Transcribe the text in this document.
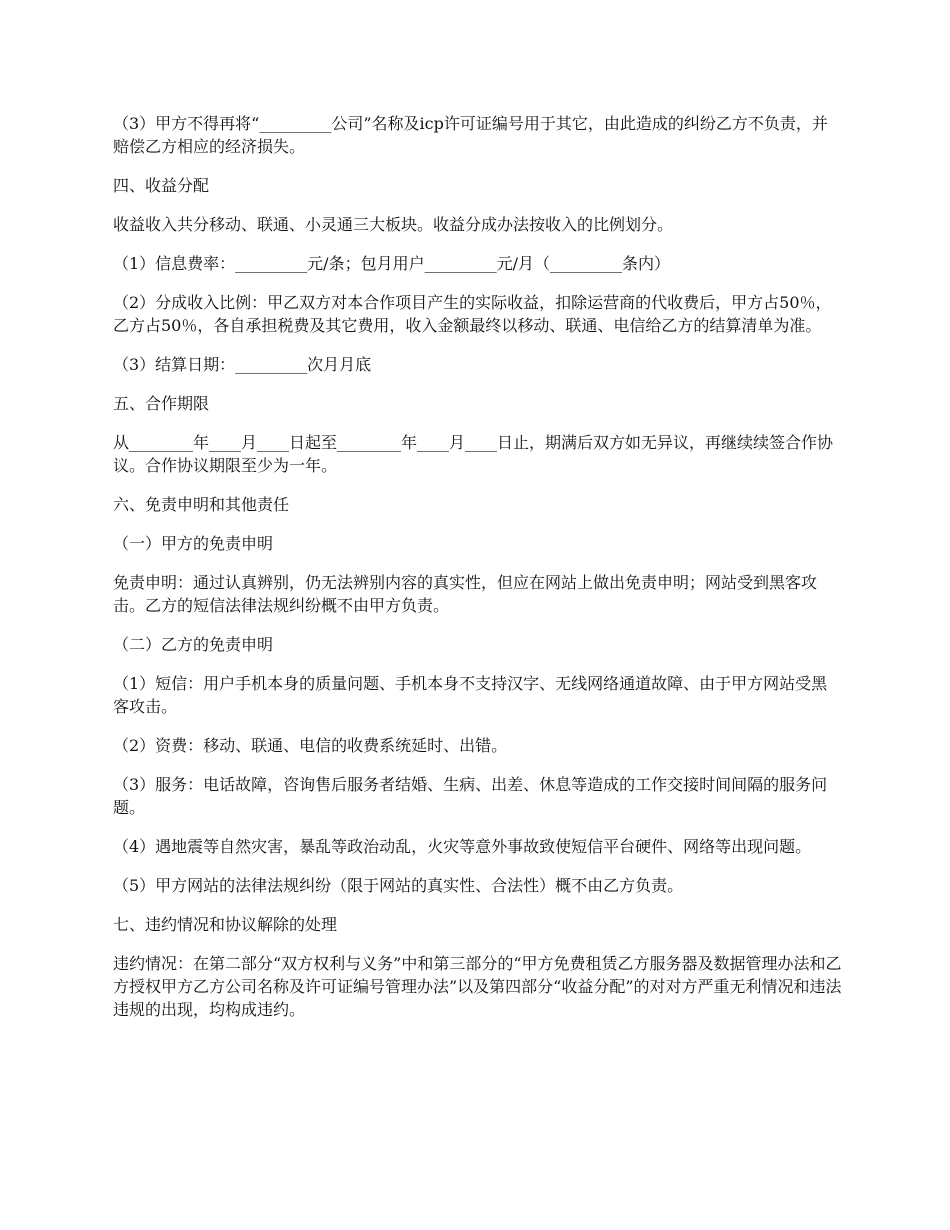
（3）甲方不得再将“_________公司”名称及icp许可证编号用于其它，由此造成的纠纷乙方不负责，并赔偿乙方相应的经济损失。

四、收益分配

收益收入共分移动、联通、小灵通三大板块。收益分成办法按收入的比例划分。

（1）信息费率：_________元/条；包月用户_________元/月（_________条内）

（2）分成收入比例：甲乙双方对本合作项目产生的实际收益，扣除运营商的代收费后，甲方占50％，乙方占50％，各自承担税费及其它费用，收入金额最终以移动、联通、电信给乙方的结算清单为准。

（3）结算日期：_________次月月底

五、合作期限

从________年____月____日起至________年____月____日止，期满后双方如无异议，再继续续签合作协议。合作协议期限至少为一年。

六、免责申明和其他责任

（一）甲方的免责申明

免责申明：通过认真辨别，仍无法辨别内容的真实性，但应在网站上做出免责申明；网站受到黑客攻击。乙方的短信法律法规纠纷概不由甲方负责。

（二）乙方的免责申明

（1）短信：用户手机本身的质量问题、手机本身不支持汉字、无线网络通道故障、由于甲方网站受黑客攻击。

（2）资费：移动、联通、电信的收费系统延时、出错。

（3）服务：电话故障，咨询售后服务者结婚、生病、出差、休息等造成的工作交接时间间隔的服务问题。

（4）遇地震等自然灾害，暴乱等政治动乱，火灾等意外事故致使短信平台硬件、网络等出现问题。

（5）甲方网站的法律法规纠纷（限于网站的真实性、合法性）概不由乙方负责。

七、违约情况和协议解除的处理

违约情况：在第二部分“双方权利与义务”中和第三部分的“甲方免费租赁乙方服务器及数据管理办法和乙方授权甲方乙方公司名称及许可证编号管理办法”以及第四部分“收益分配”的对对方严重无利情况和违法违规的出现，均构成违约。
